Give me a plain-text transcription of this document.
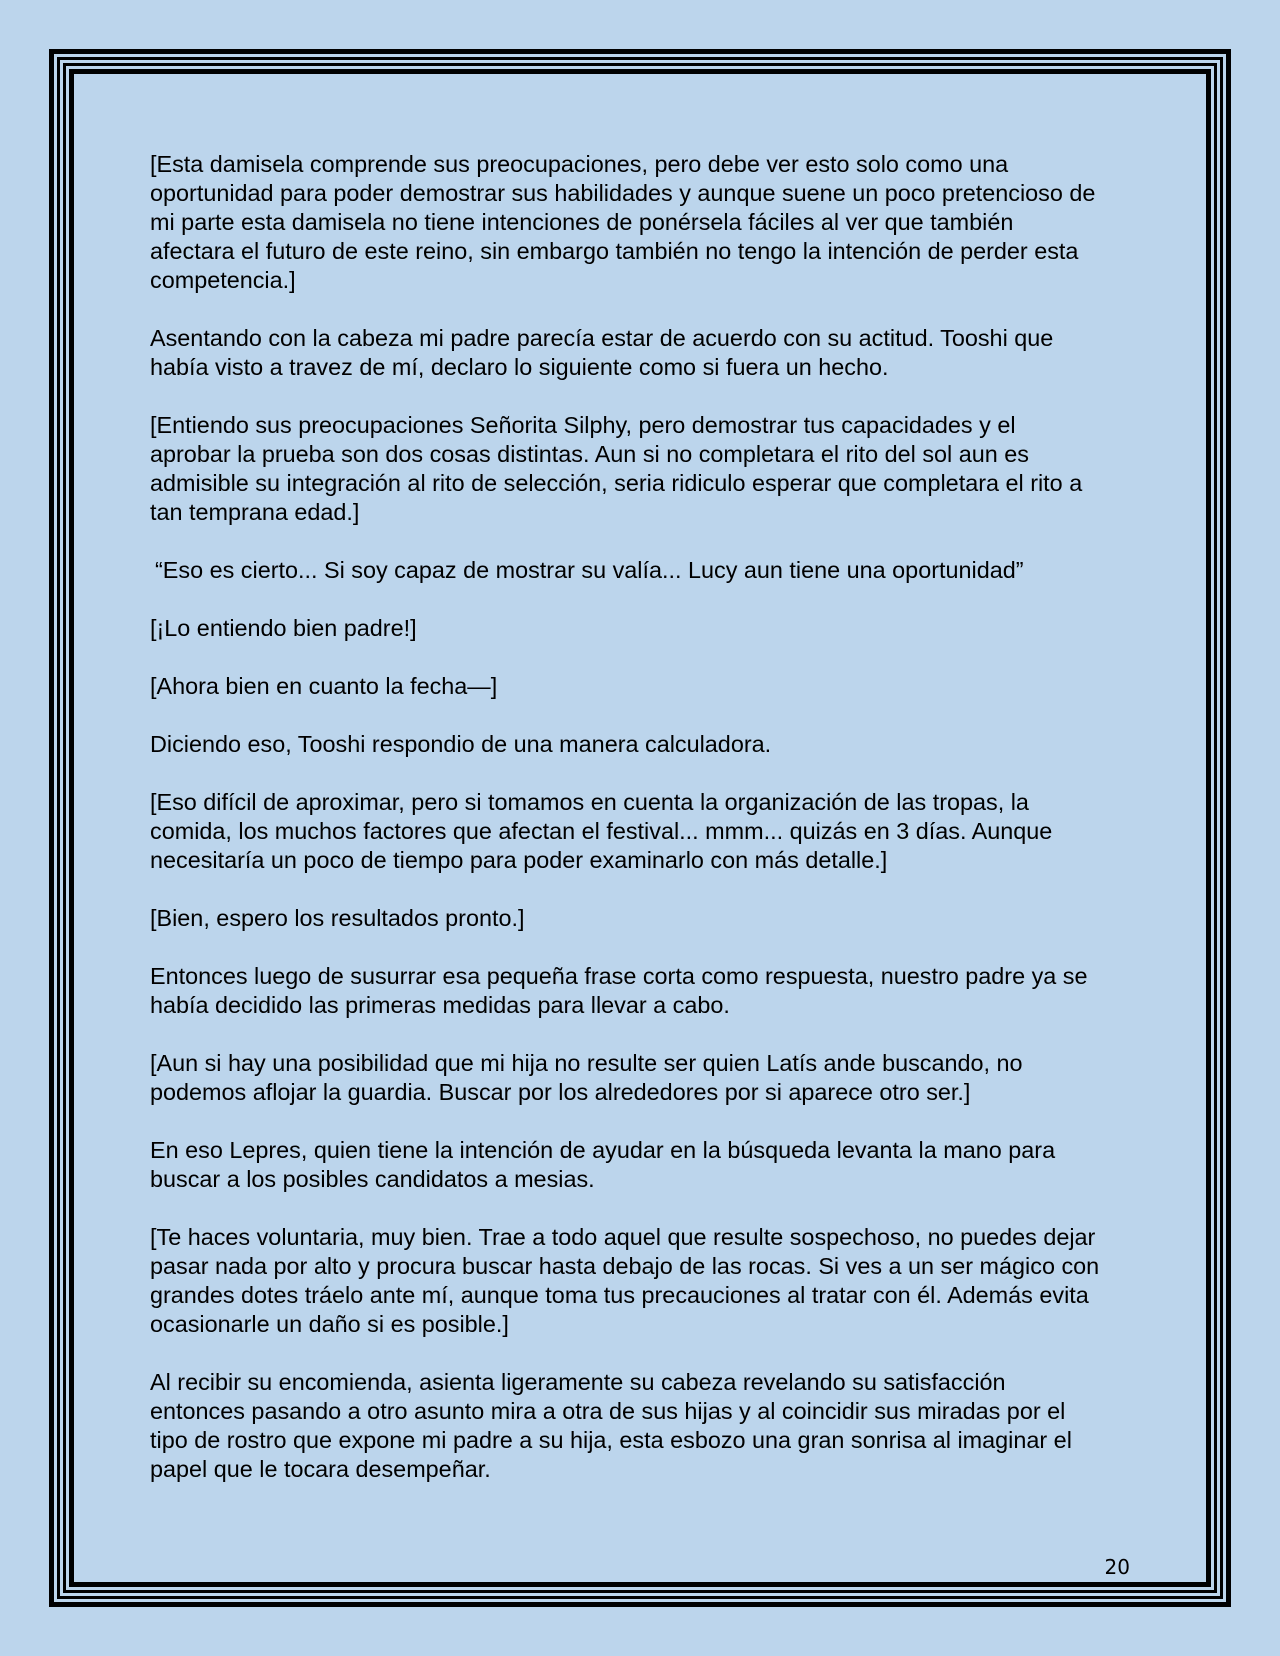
[Esta damisela comprende sus preocupaciones, pero debe ver esto solo como una oportunidad para poder demostrar sus habilidades y aunque suene un poco pretencioso de mi parte esta damisela no tiene intenciones de ponérsela fáciles al ver que también afectara el futuro de este reino, sin embargo también no tengo la intención de perder esta competencia.]

Asentando con la cabeza mi padre parecía estar de acuerdo con su actitud. Tooshi que había visto a travez de mí, declaro lo siguiente como si fuera un hecho.

[Entiendo sus preocupaciones Señorita Silphy, pero demostrar tus capacidades y el aprobar la prueba son dos cosas distintas. Aun si no completara el rito del sol aun es admisible su integración al rito de selección, seria ridiculo esperar que completara el rito a tan temprana edad.]

“Eso es cierto... Si soy capaz de mostrar su valía... Lucy aun tiene una oportunidad”

[¡Lo entiendo bien padre!]

[Ahora bien en cuanto la fecha—]

Diciendo eso, Tooshi respondio de una manera calculadora.

[Eso difícil de aproximar, pero si tomamos en cuenta la organización de las tropas, la comida, los muchos factores que afectan el festival... mmm... quizás en 3 días. Aunque necesitaría un poco de tiempo para poder examinarlo con más detalle.]

[Bien, espero los resultados pronto.]

Entonces luego de susurrar esa pequeña frase corta como respuesta, nuestro padre ya se había decidido las primeras medidas para llevar a cabo.

[Aun si hay una posibilidad que mi hija no resulte ser quien Latís ande buscando, no podemos aflojar la guardia. Buscar por los alrededores por si aparece otro ser.]

En eso Lepres, quien tiene la intención de ayudar en la búsqueda levanta la mano para buscar a los posibles candidatos a mesias.

[Te haces voluntaria, muy bien. Trae a todo aquel que resulte sospechoso, no puedes dejar pasar nada por alto y procura buscar hasta debajo de las rocas. Si ves a un ser mágico con grandes dotes tráelo ante mí, aunque toma tus precauciones al tratar con él. Además evita ocasionarle un daño si es posible.]

Al recibir su encomienda, asienta ligeramente su cabeza revelando su satisfacción entonces pasando a otro asunto mira a otra de sus hijas y al coincidir sus miradas por el tipo de rostro que expone mi padre a su hija, esta esbozo una gran sonrisa al imaginar el papel que le tocara desempeñar.

20
